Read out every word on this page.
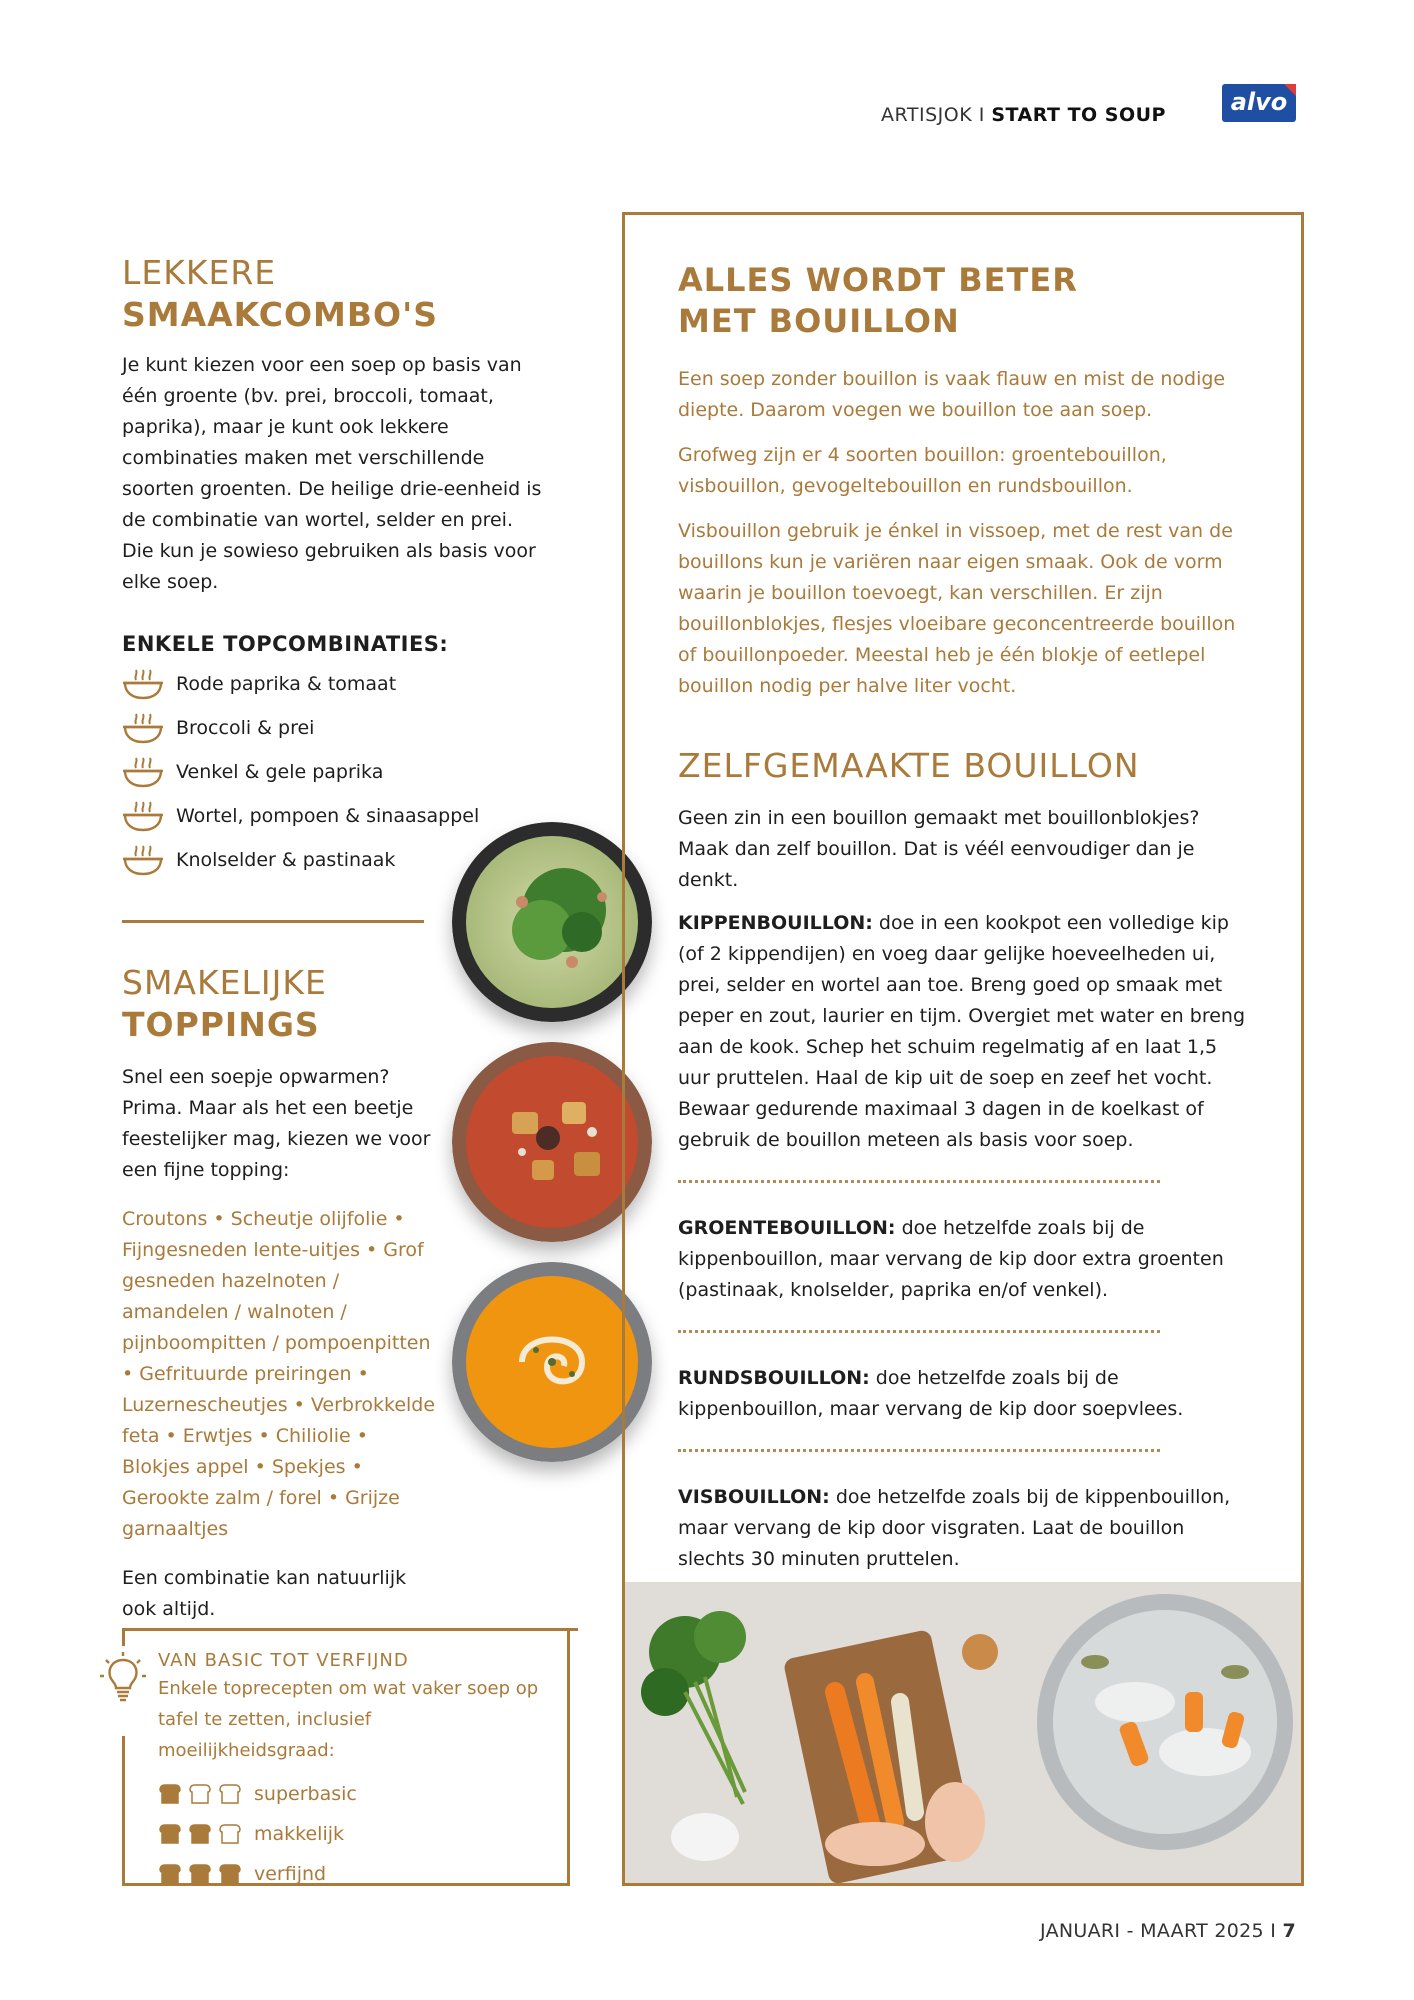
ARTISJOK I START TO SOUP	alvo
LEKKERE
SMAAKCOMBO'S

Je kunt kiezen voor een soep op basis van één groente (bv. prei, broccoli, tomaat, paprika), maar je kunt ook lekkere combinaties maken met verschillende soorten groenten. De heilige drie-eenheid is de combinatie van wortel, selder en prei. Die kun je sowieso gebruiken als basis voor elke soep.

ENKELE TOPCOMBINATIES:
Rode paprika & tomaat
Broccoli & prei
Venkel & gele paprika
Wortel, pompoen & sinaasappel
Knolselder & pastinaak
SMAKELIJKE
TOPPINGS

Snel een soepje opwarmen? Prima. Maar als het een beetje feestelijker mag, kiezen we voor een fijne topping:

Croutons • Scheutje olijfolie • Fijngesneden lente-uitjes • Grof gesneden hazelnoten / amandelen / walnoten / pijnboompitten / pompoenpitten • Gefrituurde preiringen • Luzernescheutjes • Verbrokkelde feta • Erwtjes • Chiliolie • Blokjes appel • Spekjes • Gerookte zalm / forel • Grijze garnaaltjes

Een combinatie kan natuurlijk ook altijd.

VAN BASIC TOT VERFIJND

Enkele toprecepten om wat vaker soep op tafel te zetten, inclusief moeilijkheidsgraad:

superbasic
makkelijk
verfijnd
ALLES WORDT BETER
MET BOUILLON

Een soep zonder bouillon is vaak flauw en mist de nodige diepte. Daarom voegen we bouillon toe aan soep.

Grofweg zijn er 4 soorten bouillon: groentebouillon, visbouillon, gevogeltebouillon en rundsbouillon.

Visbouillon gebruik je énkel in vissoep, met de rest van de bouillons kun je variëren naar eigen smaak. Ook de vorm waarin je bouillon toevoegt, kan verschillen. Er zijn bouillonblokjes, flesjes vloeibare geconcentreerde bouillon of bouillonpoeder. Meestal heb je één blokje of eetlepel bouillon nodig per halve liter vocht.

ZELFGEMAAKTE BOUILLON

Geen zin in een bouillon gemaakt met bouillonblokjes? Maak dan zelf bouillon. Dat is véél eenvoudiger dan je denkt.

KIPPENBOUILLON: doe in een kookpot een volledige kip (of 2 kippendijen) en voeg daar gelijke hoeveelheden ui, prei, selder en wortel aan toe. Breng goed op smaak met peper en zout, laurier en tijm. Overgiet met water en breng aan de kook. Schep het schuim regelmatig af en laat 1,5 uur pruttelen. Haal de kip uit de soep en zeef het vocht. Bewaar gedurende maximaal 3 dagen in de koelkast of gebruik de bouillon meteen als basis voor soep.

GROENTEBOUILLON: doe hetzelfde zoals bij de kippenbouillon, maar vervang de kip door extra groenten (pastinaak, knolselder, paprika en/of venkel).

RUNDSBOUILLON: doe hetzelfde zoals bij de kippenbouillon, maar vervang de kip door soepvlees.

VISBOUILLON: doe hetzelfde zoals bij de kippenbouillon, maar vervang de kip door visgraten. Laat de bouillon slechts 30 minuten pruttelen.

JANUARI - MAART 2025 I 7
